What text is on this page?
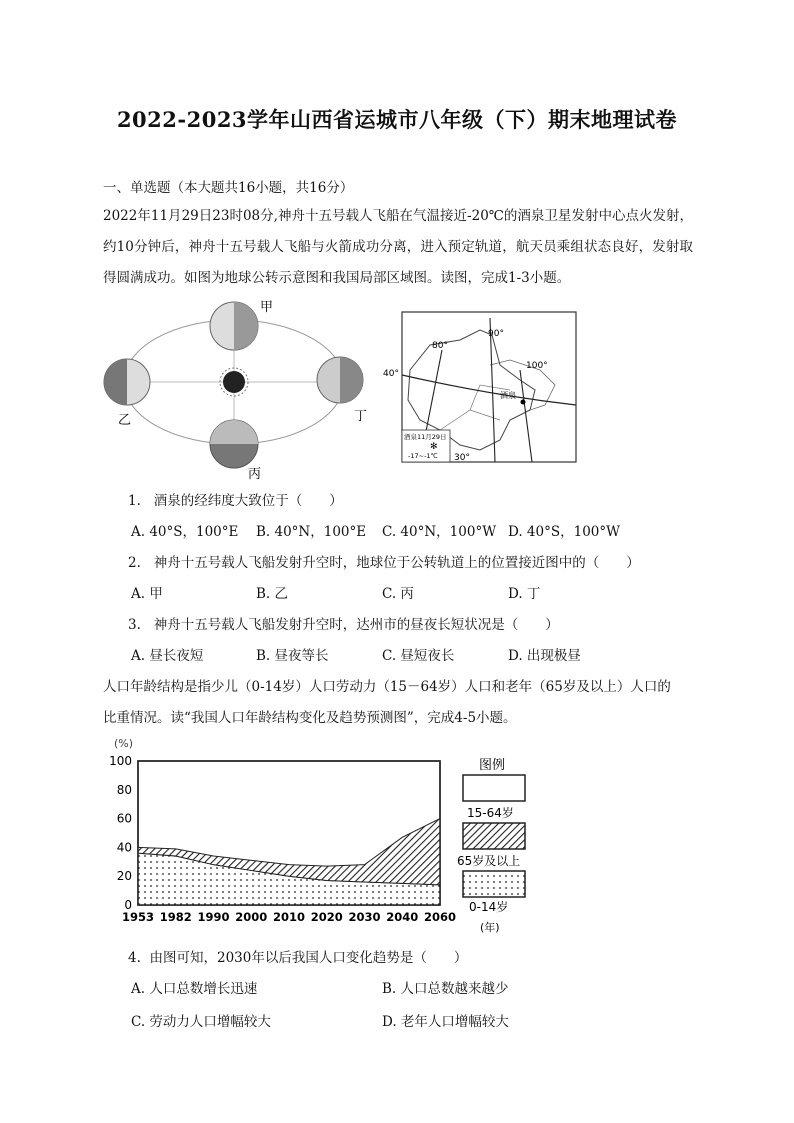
2022-2023学年山西省运城市八年级（下）期末地理试卷
一、单选题（本大题共16小题，共16分）
2022年11月29日23时08分,神舟十五号载人飞船在气温接近-20℃的酒泉卫星发射中心点火发射，约10分钟后，神舟十五号载人飞船与火箭成功分离，进入预定轨道，航天员乘组状态良好，发射取得圆满成功。如图为地球公转示意图和我国局部区域图。读图，完成1-3小题。
甲
乙	丁
丙
80°
90°
100°
40°
30°
酒泉
酒泉11月29日
-17~-1℃
✻
1. 酒泉的经纬度大致位于（　　）
A. 40°S，100°E B. 40°N，100°E C. 40°N，100°W D. 40°S，100°W
2. 神舟十五号载人飞船发射升空时，地球位于公转轨道上的位置接近图中的（　　）
A. 甲	B. 乙	C. 丙	D. 丁
3. 神舟十五号载人飞船发射升空时，达州市的昼夜长短状况是（　　）
A. 昼长夜短	B. 昼夜等长	C. 昼短夜长	D. 出现极昼
人口年龄结构是指少儿（0-14岁）人口劳动力（15－64岁）人口和老年（65岁及以上）人口的
比重情况。读“我国人口年龄结构变化及趋势预测图”，完成4-5小题。
0
20
40
60
80
100
1953 1982 1990 2000 2010 2020 2030 2040 2060
(%)
(年)
图例
15-64岁
65岁及以上
0-14岁
4. 由图可知，2030年以后我国人口变化趋势是（　　）
A. 人口总数增长迅速	B. 人口总数越来越少
C. 劳动力人口增幅较大	D. 老年人口增幅较大
